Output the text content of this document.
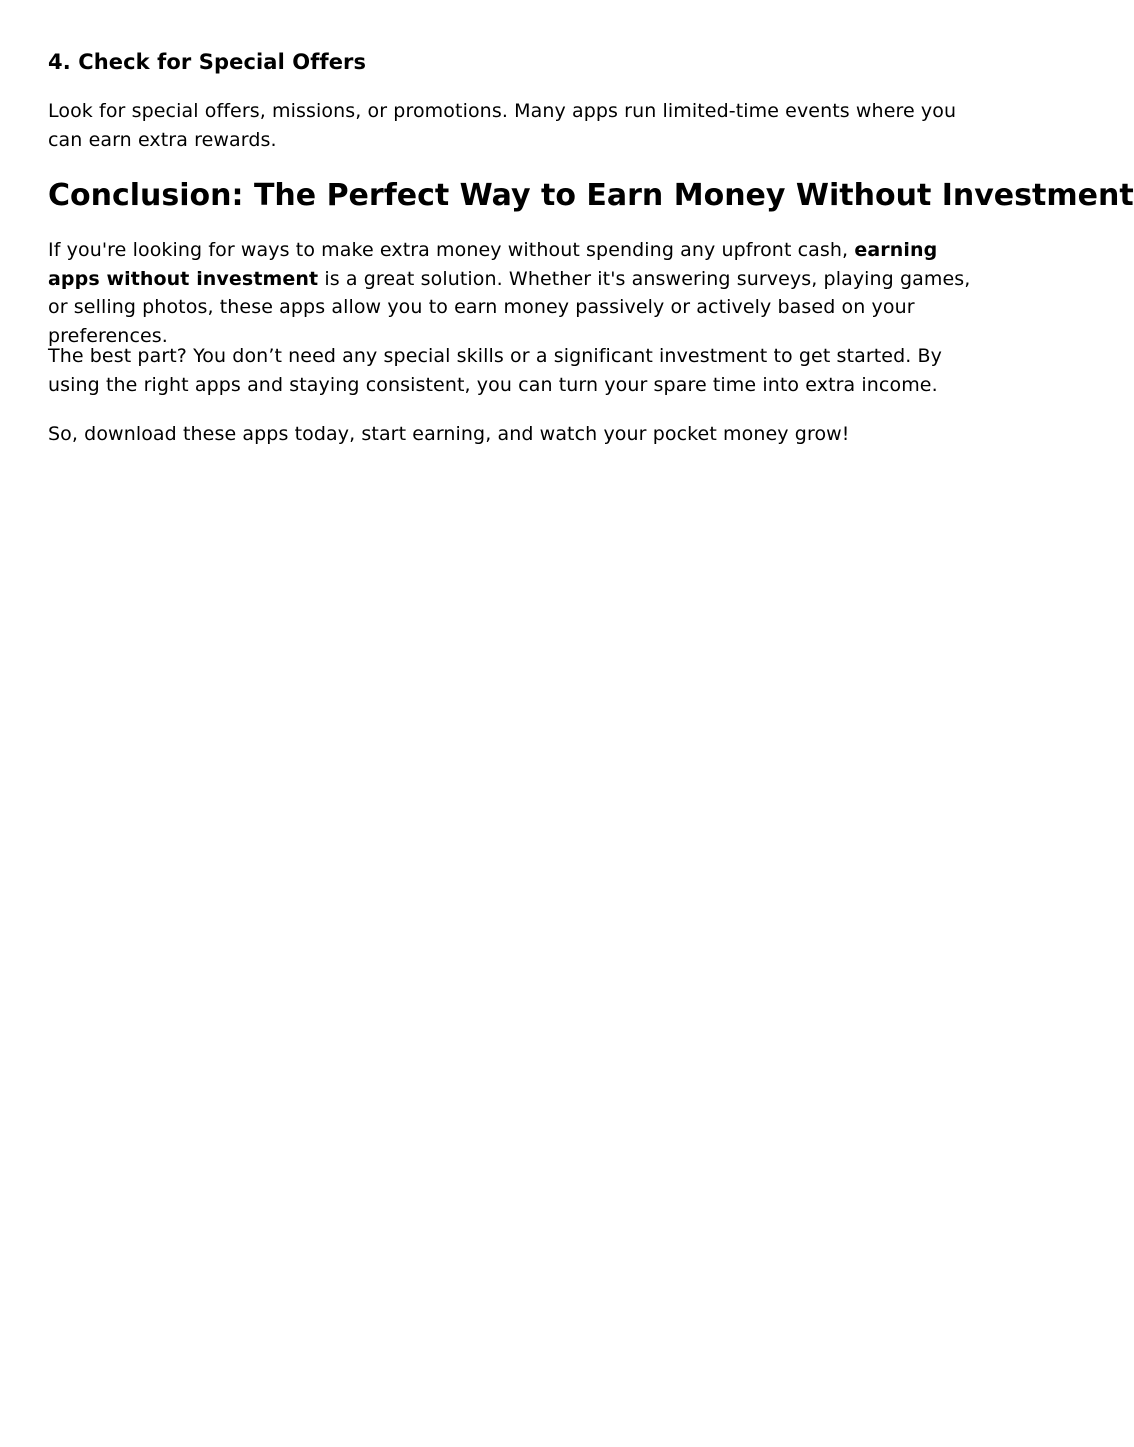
4. Check for Special Offers

Look for special offers, missions, or promotions. Many apps run limited-time events where you can earn extra rewards.

Conclusion: The Perfect Way to Earn Money Without Investment

If you're looking for ways to make extra money without spending any upfront cash, earning apps without investment is a great solution. Whether it's answering surveys, playing games, or selling photos, these apps allow you to earn money passively or actively based on your preferences.

The best part? You don’t need any special skills or a significant investment to get started. By using the right apps and staying consistent, you can turn your spare time into extra income.

So, download these apps today, start earning, and watch your pocket money grow!
